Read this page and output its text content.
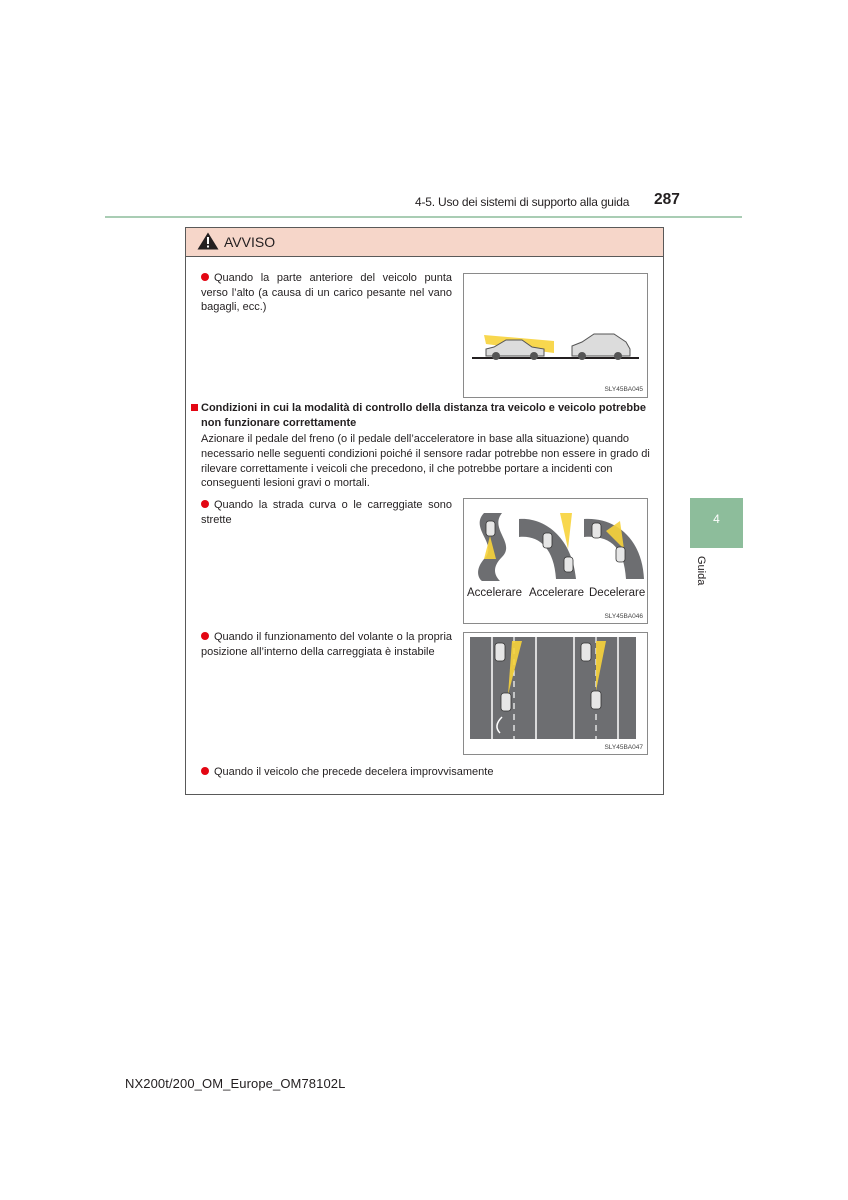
4-5. Uso dei sistemi di supporto alla guida 287
4
Guida
AVVISO
Quando la parte anteriore del veicolo punta verso l’alto (a causa di un carico pesante nel vano bagagli, ecc.)
SLY45BA045
Condizioni in cui la modalità di controllo della distanza tra veicolo e veicolo potrebbe non funzionare correttamente
Azionare il pedale del freno (o il pedale dell’acceleratore in base alla situazione) quando necessario nelle seguenti condizioni poiché il sensore radar potrebbe non essere in grado di rilevare correttamente i veicoli che precedono, il che potrebbe portare a incidenti con conseguenti lesioni gravi o mortali.
Quando la strada curva o le carreggiate sono strette
Accelerare Accelerare Decelerare
SLY45BA046
Quando il funzionamento del volante o la propria posizione all’interno della carreggiata è instabile
SLY45BA047
Quando il veicolo che precede decelera improvvisamente
NX200t/200_OM_Europe_OM78102L
